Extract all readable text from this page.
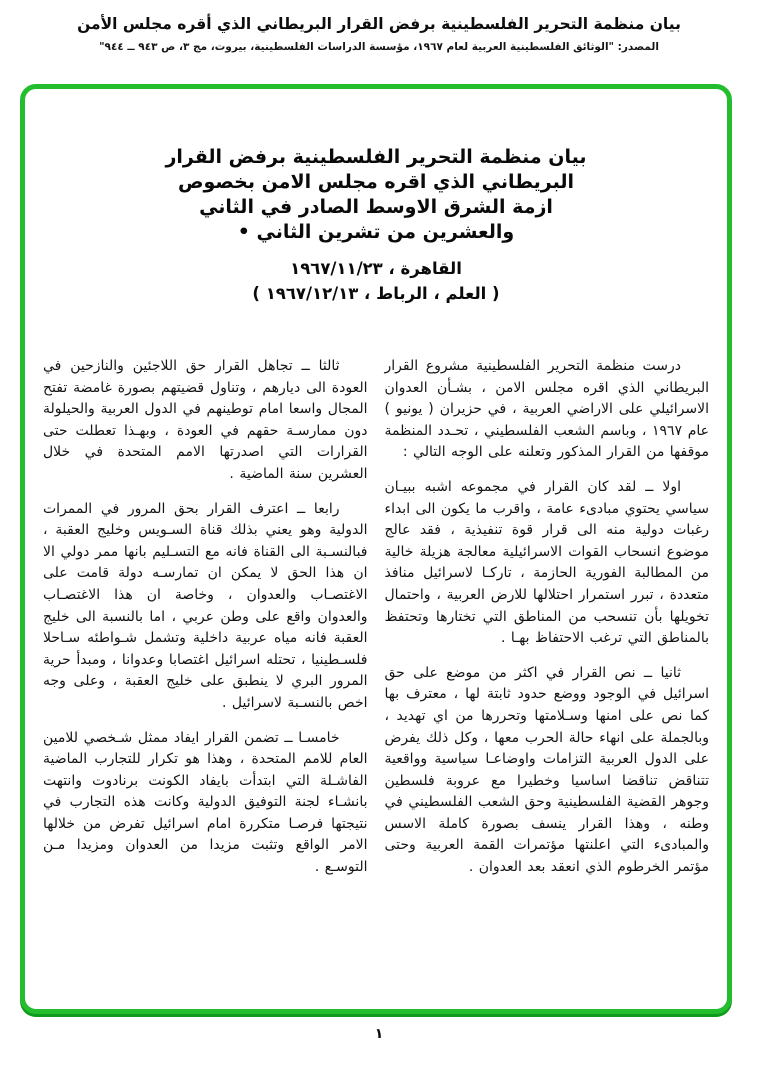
بيان منظمة التحرير الفلسطينية برفض القرار البريطاني الذي أقره مجلس الأمن
المصدر: "الوثائق الفلسطينية العربية لعام ١٩٦٧، مؤسسة الدراسات الفلسطينية، بيروت، مج ٣، ص ٩٤٣ ــ ٩٤٤"
بيان منظمة التحرير الفلسطينية برفض القرار
البريطاني الذي اقره مجلس الامن بخصوص
ازمة الشرق الاوسط الصادر في الثاني
والعشرين من تشرين الثاني •
القاهرة ، ١٩٦٧/١١/٢٣
( العلم ، الرباط ، ١٩٦٧/١٢/١٣ )

درست منظمة التحرير الفلسطينية مشروع القرار البريطاني الذي اقره مجلس الامن ، بشـأن العدوان الاسرائيلي على الاراضي العربية ، في حزيران ( يونيو ) عام ١٩٦٧ ، وباسم الشعب الفلسطيني ، تحـدد المنظمة موقفها من القرار المذكور وتعلنه على الوجه التالي :

اولا ــ لقد كان القرار في مجموعه اشبه ببيـان سياسي يحتوي مبادىء عامة ، واقرب ما يكون الى ابداء رغبات دولية منه الى قرار قوة تنفيذية ، فقد عالج موضوع انسحاب القوات الاسرائيلية معالجة هزيلة خالية من المطالبة الفورية الحازمة ، تاركـا لاسرائيل منافذ متعددة ، تبرر استمرار احتلالها للارض العربية ، واحتمال تخويلها بأن تنسحب من المناطق التي تختارها وتحتفظ بالمناطق التي ترغب الاحتفاظ بهـا .

ثانيا ــ نص القرار في اكثر من موضع على حق اسرائيل في الوجود ووضع حدود ثابتة لها ، معترف بها كما نص على امنها وسـلامتها وتحررها من اي تهديد ، وبالجملة على انهاء حالة الحرب معها ، وكل ذلك يفرض على الدول العربية التزامات واوضاعـا سياسية وواقعية تتناقض تناقضا اساسيا وخطيرا مع عروبة فلسطين وجوهر القضية الفلسطينية وحق الشعب الفلسطيني في وطنه ، وهذا القرار ينسف بصورة كاملة الاسس والمبادىء التي اعلنتها مؤتمرات القمة العربية وحتى مؤتمر الخرطوم الذي انعقد بعد العدوان .

ثالثا ــ تجاهل القرار حق اللاجئين والنازحين في العودة الى ديارهم ، وتناول قضيتهم بصورة غامضة تفتح المجال واسعا امام توطينهم في الدول العربية والحيلولة دون ممارسـة حقهم في العودة ، وبهـذا تعطلت حتى القرارات التي اصدرتها الامم المتحدة في خلال العشرين سنة الماضية .

رابعا ــ اعترف القرار بحق المرور في الممرات الدولية وهو يعني بذلك قناة السـويس وخليج العقبة ، فبالنسـبة الى القناة فانه مع التسـليم بانها ممر دولي الا ان هذا الحق لا يمكن ان تمارسـه دولة قامت على الاغتصـاب والعدوان ، وخاصة ان هذا الاغتصـاب والعدوان واقع على وطن عربي ، اما بالنسبة الى خليج العقبة فانه مياه عربية داخلية وتشمل شـواطئه سـاحلا فلسـطينيا ، تحتله اسرائيل اغتصابا وعدوانا ، ومبدأ حرية المرور البري لا ينطبق على خليج العقبة ، وعلى وجه اخص بالنسـبة لاسرائيل .

خامسـا ــ تضمن القرار ايفاد ممثل شـخصي للامين العام للامم المتحدة ، وهذا هو تكرار للتجارب الماضية الفاشـلة التي ابتدأت بايفاد الكونت برنادوت وانتهت بانشـاء لجنة التوفيق الدولية وكانت هذه التجارب في نتيجتها فرصـا متكررة امام اسرائيل تفرض من خلالها الامر الواقع وتثبت مزيدا من العدوان ومزيدا مـن التوسـع .

١
